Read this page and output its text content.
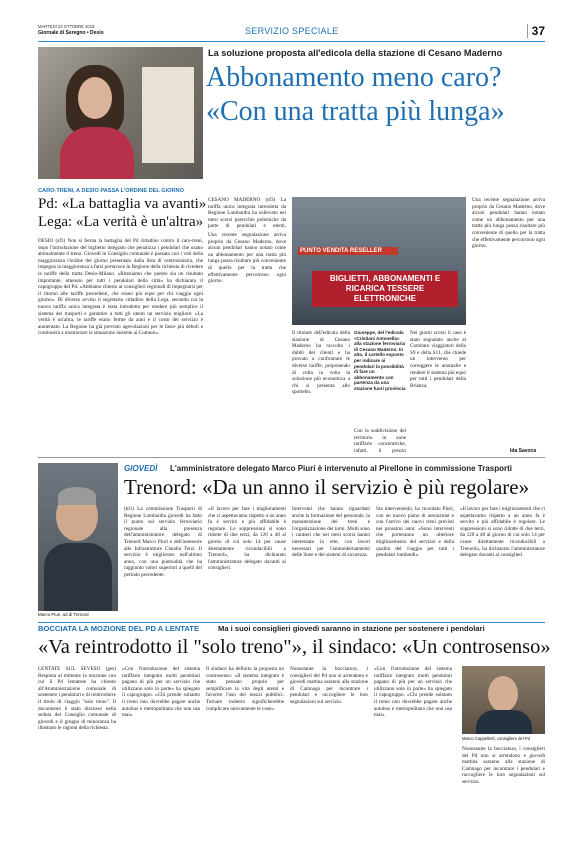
MARTEDÌ 23 OTTOBRE 2018
Giornale di Seregno • Desio	SERVIZIO SPECIALE	37
La soluzione proposta all'edicola della stazione di Cesano Maderno
Abbonamento meno caro?
«Con una tratta più lunga»
CARO-TRENI, A DESIO PASSA L'ORDINE DEL GIORNO
Pd: «La battaglia va avanti»
Lega: «La verità è un'altra»
DESIO (sf3) Non si ferma la battaglia del Pd cittadino contro il caro-treni, dopo l'introduzione del biglietto integrato che penalizza i pendolari che usano abitualmente il treno. Giovedì in Consiglio comunale è passato con i voti della maggioranza l'ordine del giorno presentato dalla lista di centrosinistra, che impegna la maggioranza a farsi portavoce in Regione della richiesta di rivedere le tariffe della tratta Desio-Milano. «Riteniamo che questo sia un risultato importante, ottenuto per tutti i pendolari della città» ha dichiarato il capogruppo del Pd. «Abbiamo chiesto ai consiglieri regionali di impegnarsi per il ritorno alle tariffe precedenti, che erano più eque per chi viaggia ogni giorno». Di diverso avviso il segretario cittadino della Lega, secondo cui la nuova tariffa unica integrata è stata introdotta per rendere più semplice il sistema dei trasporti e garantire a tutti gli utenti un servizio migliore: «La verità è un'altra, le tariffe erano ferme da anni e il costo del servizio è aumentato. La Regione ha già previsto agevolazioni per le fasce più deboli e continuerà a monitorare la situazione insieme ai Comuni».
CESANO MADERNO (sf3) La tariffa unica integrata introdotta da Regione Lombardia ha sollevato nei mesi scorsi parecchie polemiche da parte di pendolari e utenti,
Una recente segnalazione arriva proprio da Cesano Maderno, dove alcuni pendolari hanno notato come un abbonamento per una tratta più lunga possa risultare più conveniente di quello per la tratta che effettivamente percorrono ogni giorno.
Il titolare dell'edicola della stazione di Cesano Maderno ha raccolto i dubbi dei clienti e ha provato a confrontare le diverse tariffe, proponendo di volta in volta la soluzione più economica a chi si presenta allo sportello.
PUNTO VENDITA RESELLER
BIGLIETTI, ABBONAMENTI E RICARICA TESSERE ELETTRONICHE
Giuseppe, del l'edicola «Cristiani Antonella» alla stazione ferroviaria di Cesano Maderno. In alto, il cartello esposto per indicare ai pendolari la possibilità di fare un abbonamento con partenza da una stazione fuori provincia
Con la suddivisione del territorio in zone tariffarie concentriche, infatti, il prezzo
Nei giorni scorsi il caso è stato segnalato anche al Comitato viaggiatori della S9 e della S11, che chiede un intervento per correggere le anomalie e rendere il sistema più equo per tutti i pendolari della Brianza.
Una recente segnalazione arriva proprio da Cesano Maderno, dove alcuni pendolari hanno notato come un abbonamento per una tratta più lunga possa risultare più conveniente di quello per la tratta che effettivamente percorrono ogni giorno.
Ida Savoca
Marco Piuri, ad di Trenord
GIOVEDÌ L'amministratore delegato Marco Piuri è intervenuto al Pirellone in commissione Trasporti
Trenord: «Da un anno il servizio è più regolare»
(bl1) La commissione Trasporti di Regione Lombardia giovedì ha fatto il punto sul servizio ferroviario regionale alla presenza dell'amministratore delegato di Trenord Marco Piuri e dell'assessore alle Infrastrutture Claudia Terzi. Il servizio è migliorato nell'ultimo anno, con una puntualità che ha raggiunto valori superiori a quelli del periodo precedente.
«Il lavoro per fare i miglioramenti che ci aspettavamo rispetto a un anno fa è servito e più affidabile è regolare. Le soppressioni si sono ridotte di due terzi, da 120 a 40 al giorno di cui solo 14 per cause direttamente riconducibili a Trenord», ha dichiarato l'amministratore delegato davanti ai consiglieri.
Interventi che hanno riguardato anche la formazione del personale, la manutenzione dei treni e l'organizzazione dei turni. Molti sono i cantieri che nei mesi scorsi hanno interessato la rete, con lavori necessari per l'ammodernamento delle linee e dei sistemi di sicurezza.
Sta intervenendo, ha ricordato Piuri, con un nuovo piano di assunzioni e con l'arrivo dei nuovi treni previsti nei prossimi anni: «Sono interventi che porteranno un ulteriore miglioramento del servizio e della qualità del viaggio per tutti i pendolari lombardi».
«Il lavoro per fare i miglioramenti che ci aspettavamo rispetto a un anno fa è servito e più affidabile è regolare. Le soppressioni si sono ridotte di due terzi, da 120 a 40 al giorno di cui solo 14 per cause direttamente riconducibili a Trenord», ha dichiarato l'amministratore delegato davanti ai consiglieri.
BOCCIATA LA MOZIONE DEL PD A LENTATE Ma i suoi consiglieri giovedì saranno in stazione per sostenere i pendolari
«Va reintrodotto il "solo treno"», il sindaco: «Un controsenso»
LENTATE SUL SEVESO (ges) Respinta al mittente la mozione con cui il Pd lentatese ha chiesto all'Amministrazione comunale di sostenere i pendolari e di reintrodurre il titolo di viaggio "solo treno". Il documento è stato discusso nella seduta del Consiglio comunale di giovedì e il gruppo di minoranza ha illustrato le ragioni della richiesta.
«Con l'introduzione del sistema tariffario integrato molti pendolari pagano di più per un servizio che utilizzano solo in parte» ha spiegato il capogruppo. «Chi prende soltanto il treno non dovrebbe pagare anche autobus e metropolitana che non usa mai».
Il sindaco ha definito la proposta un controsenso: «Il sistema integrato è stato pensato proprio per semplificare la vita degli utenti e favorire l'uso dei mezzi pubblici. Tornare indietro significherebbe complicare nuovamente le cose».
Nonostante la bocciatura, i consiglieri del Pd non si arrendono e giovedì mattina saranno alla stazione di Camnago per incontrare i pendolari e raccogliere le loro segnalazioni sul servizio.
«Con l'introduzione del sistema tariffario integrato molti pendolari pagano di più per un servizio che utilizzano solo in parte» ha spiegato il capogruppo. «Chi prende soltanto il treno non dovrebbe pagare anche autobus e metropolitana che non usa mai».
Marco Cappelletti, consigliere del Pd
Nonostante la bocciatura, i consiglieri del Pd non si arrendono e giovedì mattina saranno alla stazione di Camnago per incontrare i pendolari e raccogliere le loro segnalazioni sul servizio.
